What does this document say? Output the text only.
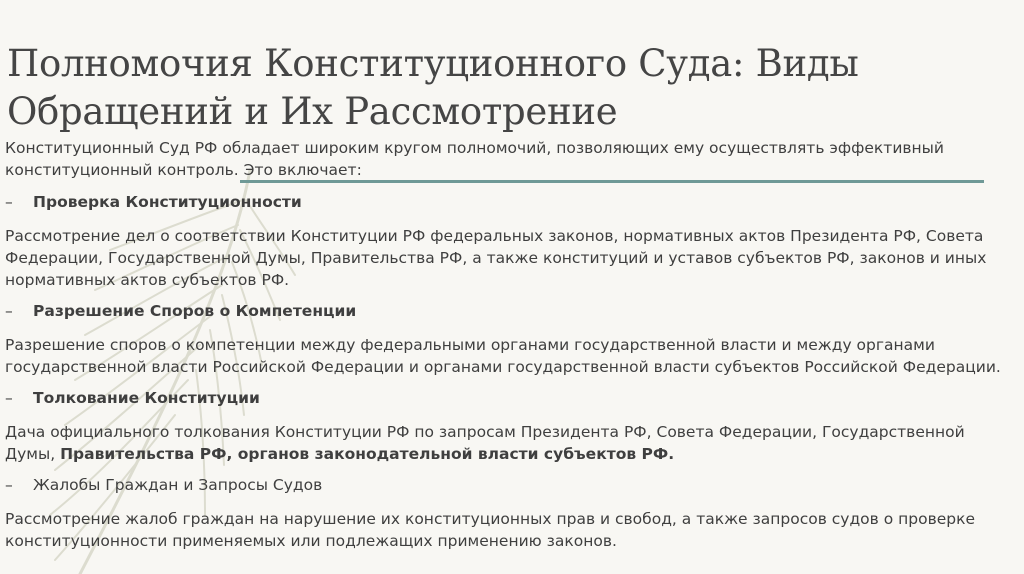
Полномочия Конституционного Суда: Виды Обращений и Их Рассмотрение

Конституционный Суд РФ обладает широким кругом полномочий, позволяющих ему осуществлять эффективный конституционный контроль. Это включает:

–	Проверка Конституционности

Рассмотрение дел о соответствии Конституции РФ федеральных законов, нормативных актов Президента РФ, Совета Федерации, Государственной Думы, Правительства РФ, а также конституций и уставов субъектов РФ, законов и иных нормативных актов субъектов РФ.

–	Разрешение Споров о Компетенции

Разрешение споров о компетенции между федеральными органами государственной власти и между органами государственной власти Российской Федерации и органами государственной власти субъектов Российской Федерации.

–	Толкование Конституции

Дача официального толкования Конституции РФ по запросам Президента РФ, Совета Федерации, Государственной Думы, Правительства РФ, органов законодательной власти субъектов РФ.

–	Жалобы Граждан и Запросы Судов

Рассмотрение жалоб граждан на нарушение их конституционных прав и свобод, а также запросов судов о проверке конституционности применяемых или подлежащих применению законов.
